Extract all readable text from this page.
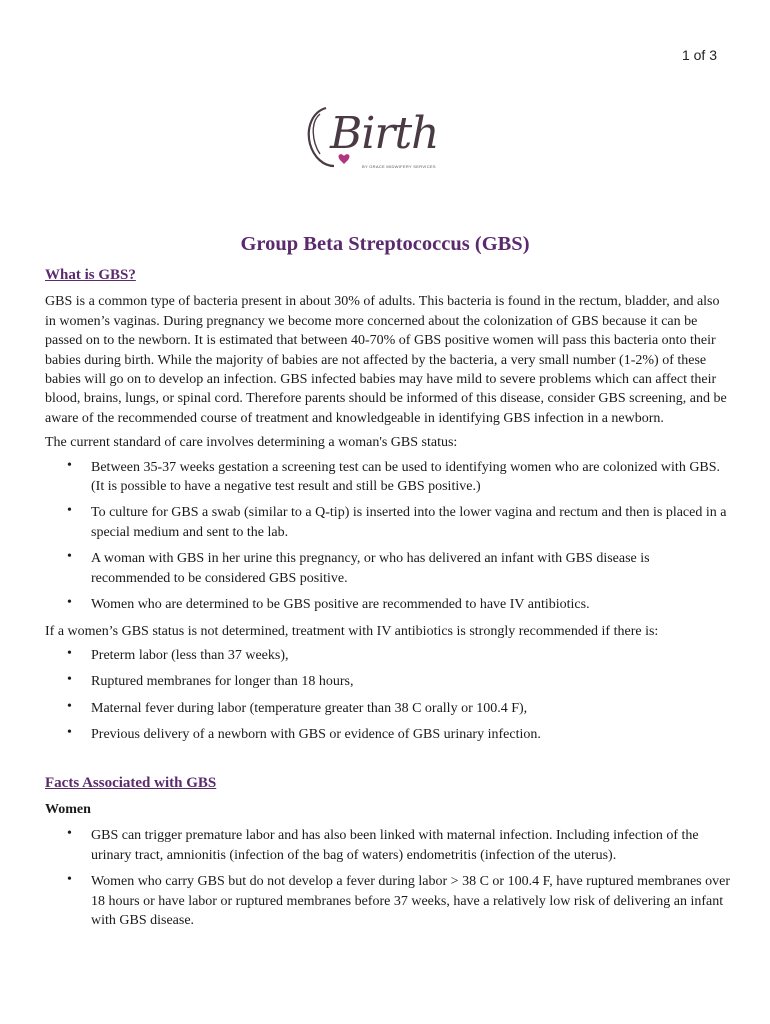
1 of 3
Birth
BY GRACE MIDWIFERY SERVICES
Group Beta Streptococcus (GBS)
What is GBS?

GBS is a common type of bacteria present in about 30% of adults. This bacteria is found in the rectum, bladder, and also in women’s vaginas. During pregnancy we become more concerned about the colonization of GBS because it can be passed on to the newborn. It is estimated that between 40-70% of GBS positive women will pass this bacteria onto their babies during birth. While the majority of babies are not affected by the bacteria, a very small number (1-2%) of these babies will go on to develop an infection. GBS infected babies may have mild to severe problems which can affect their blood, brains, lungs, or spinal cord. Therefore parents should be informed of this disease, consider GBS screening, and be aware of the recommended course of treatment and knowledgeable in identifying GBS infection in a newborn.

The current standard of care involves determining a woman's GBS status:

• Between 35-37 weeks gestation a screening test can be used to identifying women who are colonized with GBS. (It is possible to have a negative test result and still be GBS positive.)
• To culture for GBS a swab (similar to a Q-tip) is inserted into the lower vagina and rectum and then is placed in a special medium and sent to the lab.
• A woman with GBS in her urine this pregnancy, or who has delivered an infant with GBS disease is recommended to be considered GBS positive.
• Women who are determined to be GBS positive are recommended to have IV antibiotics.

If a women’s GBS status is not determined, treatment with IV antibiotics is strongly recommended if there is:

• Preterm labor (less than 37 weeks),
• Ruptured membranes for longer than 18 hours,
• Maternal fever during labor (temperature greater than 38 C orally or 100.4 F),
• Previous delivery of a newborn with GBS or evidence of GBS urinary infection.
Facts Associated with GBS
Women
• GBS can trigger premature labor and has also been linked with maternal infection. Including infection of the urinary tract, amnionitis (infection of the bag of waters) endometritis (infection of the uterus).
• Women who carry GBS but do not develop a fever during labor > 38 C or 100.4 F, have ruptured membranes over 18 hours or have labor or ruptured membranes before 37 weeks, have a relatively low risk of delivering an infant with GBS disease.
